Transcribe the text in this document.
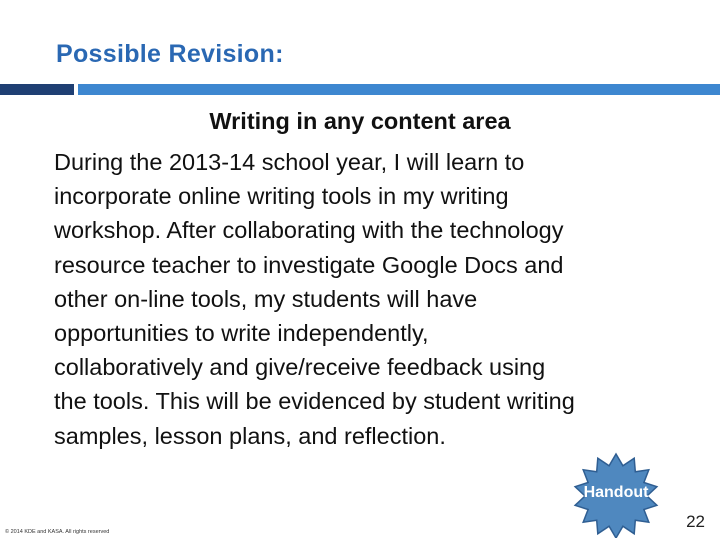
Possible Revision:
Writing in any content area
During the 2013-14 school year, I will learn to
incorporate online writing tools in my writing
workshop. After collaborating with the technology
resource teacher to investigate Google Docs and
other on-line tools, my students will have
opportunities to write independently,
collaboratively and give/receive feedback using
the tools. This will be evidenced by student writing
samples, lesson plans, and reflection.
Handout
© 2014 KDE and KASA. All rights reserved
22
